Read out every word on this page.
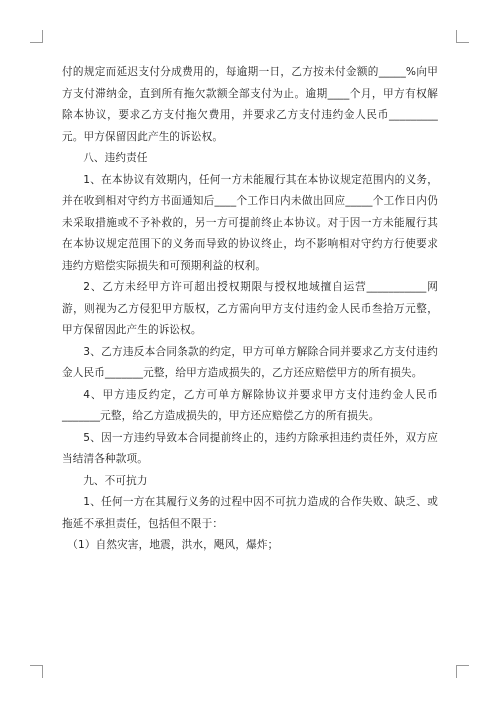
付的规定而延迟支付分成费用的，每逾期一日，乙方按未付金额的_____%向甲方支付滞纳金，直到所有拖欠款额全部支付为止。逾期____个月，甲方有权解除本协议，要求乙方支付拖欠费用，并要求乙方支付违约金人民币_________元。甲方保留因此产生的诉讼权。

八、违约责任

1、在本协议有效期内，任何一方未能履行其在本协议规定范围内的义务，并在收到相对守约方书面通知后____个工作日内未做出回应_____个工作日内仍未采取措施或不予补救的，另一方可提前终止本协议。对于因一方未能履行其在本协议规定范围下的义务而导致的协议终止，均不影响相对守约方行使要求违约方赔偿实际损失和可预期利益的权利。

2、乙方未经甲方许可超出授权期限与授权地域擅自运营___________网游，则视为乙方侵犯甲方版权，乙方需向甲方支付违约金人民币叁拾万元整，甲方保留因此产生的诉讼权。

3、乙方违反本合同条款的约定，甲方可单方解除合同并要求乙方支付违约金人民币_______元整，给甲方造成损失的，乙方还应赔偿甲方的所有损失。

4、甲方违反约定，乙方可单方解除协议并要求甲方支付违约金人民币_______元整，给乙方造成损失的，甲方还应赔偿乙方的所有损失。

5、因一方违约导致本合同提前终止的，违约方除承担违约责任外，双方应当结清各种款项。

九、不可抗力

1、任何一方在其履行义务的过程中因不可抗力造成的合作失败、缺乏、或拖延不承担责任，包括但不限于：

（1）自然灾害，地震，洪水，飓风，爆炸；
